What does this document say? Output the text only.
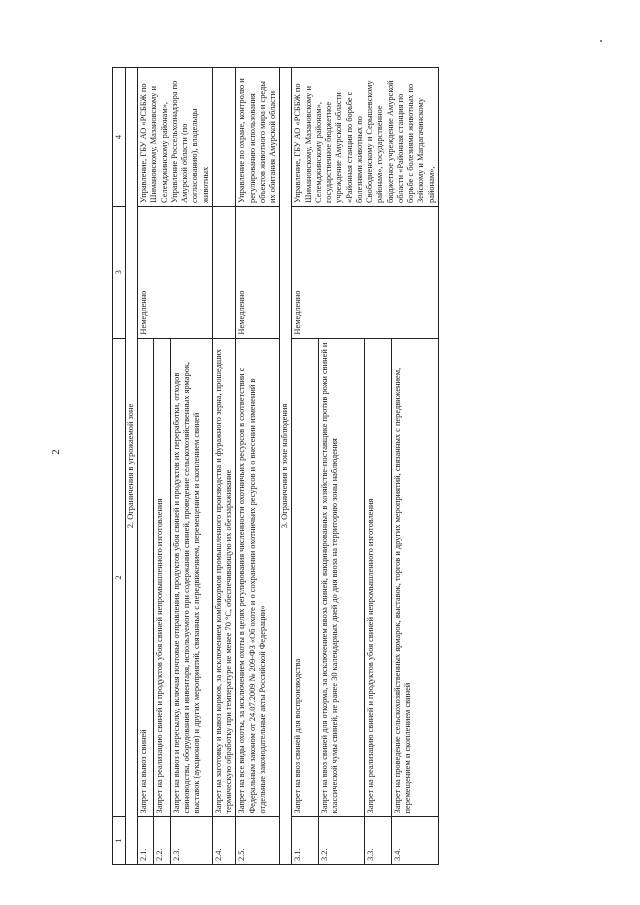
2
1	2	3	4
2. Ограничения в угрожаемой зоне			
2.1.	Запрет на вывоз свиней	Немедленно	Управление, ГБУ АО «РСББЖ по Шимановскому, Мазановскому и Селемджинскому районам», Управление Россельхознадзора по Амурской области (по согласованию), владельцы животных
2.2.	Запрет на реализацию свиней и продуктов убоя свиней непромышленного изготовления		
2.3.	Запрет на вывоз и пересылку, включая почтовые отправления, продуктов убоя свиней и продуктов их переработки, отходов свиноводства, оборудования и инвентаря, используемого при содержании свиней, проведение сельскохозяйственных ярмарок, выставок (аукционов) и других мероприятий, связанных с передвижением, перемещением и скоплением свиней		
2.4.	Запрет на заготовку и вывоз кормов, за исключением комбикормов промышленного производства и фуражного зерна, прошедших термическую обработку при температуре не менее 70 °C, обеспечивающую их обеззараживание		
2.5.	Запрет на все виды охоты, за исключением охоты в целях регулирования численности охотничьих ресурсов в соответствии с Федеральным законом от 24.07.2009 № 209-ФЗ «Об охоте и о сохранении охотничьих ресурсов и о внесении изменений в отдельные законодательные акты Российской Федерации»	Немедленно	Управление по охране, контролю и регулированию использования объектов животного мира и среды их обитания Амурской области
3. Ограничения в зоне наблюдения			
3.1.	Запрет на ввоз свиней для воспроизводства	Немедленно	Управление, ГБУ АО «РСББЖ по Шимановскому, Мазановскому и Селемджинскому районам», государственное бюджетное учреждение Амурской области «Районная станция по борьбе с болезнями животных по Свободненскому и Серышевскому районам», государственное бюджетное учреждение Амурской области «Районная станция по борьбе с болезнями животных по Зейскому и Магдагачинскому районам»,
3.2.	Запрет на ввоз свиней для откорма, за исключением ввоза свиней, вакцинированных в хозяйстве-поставщике против рожи свиней и классической чумы свиней, не ранее 30 календарных дней до дня ввоза на территорию зоны наблюдения		
3.3.	Запрет на реализацию свиней и продуктов убоя свиней непромышленного изготовления		
3.4.	Запрет на проведение сельскохозяйственных ярмарок, выставок, торгов и других мероприятий, связанных с передвижением, перемещением и скоплением свиней		
